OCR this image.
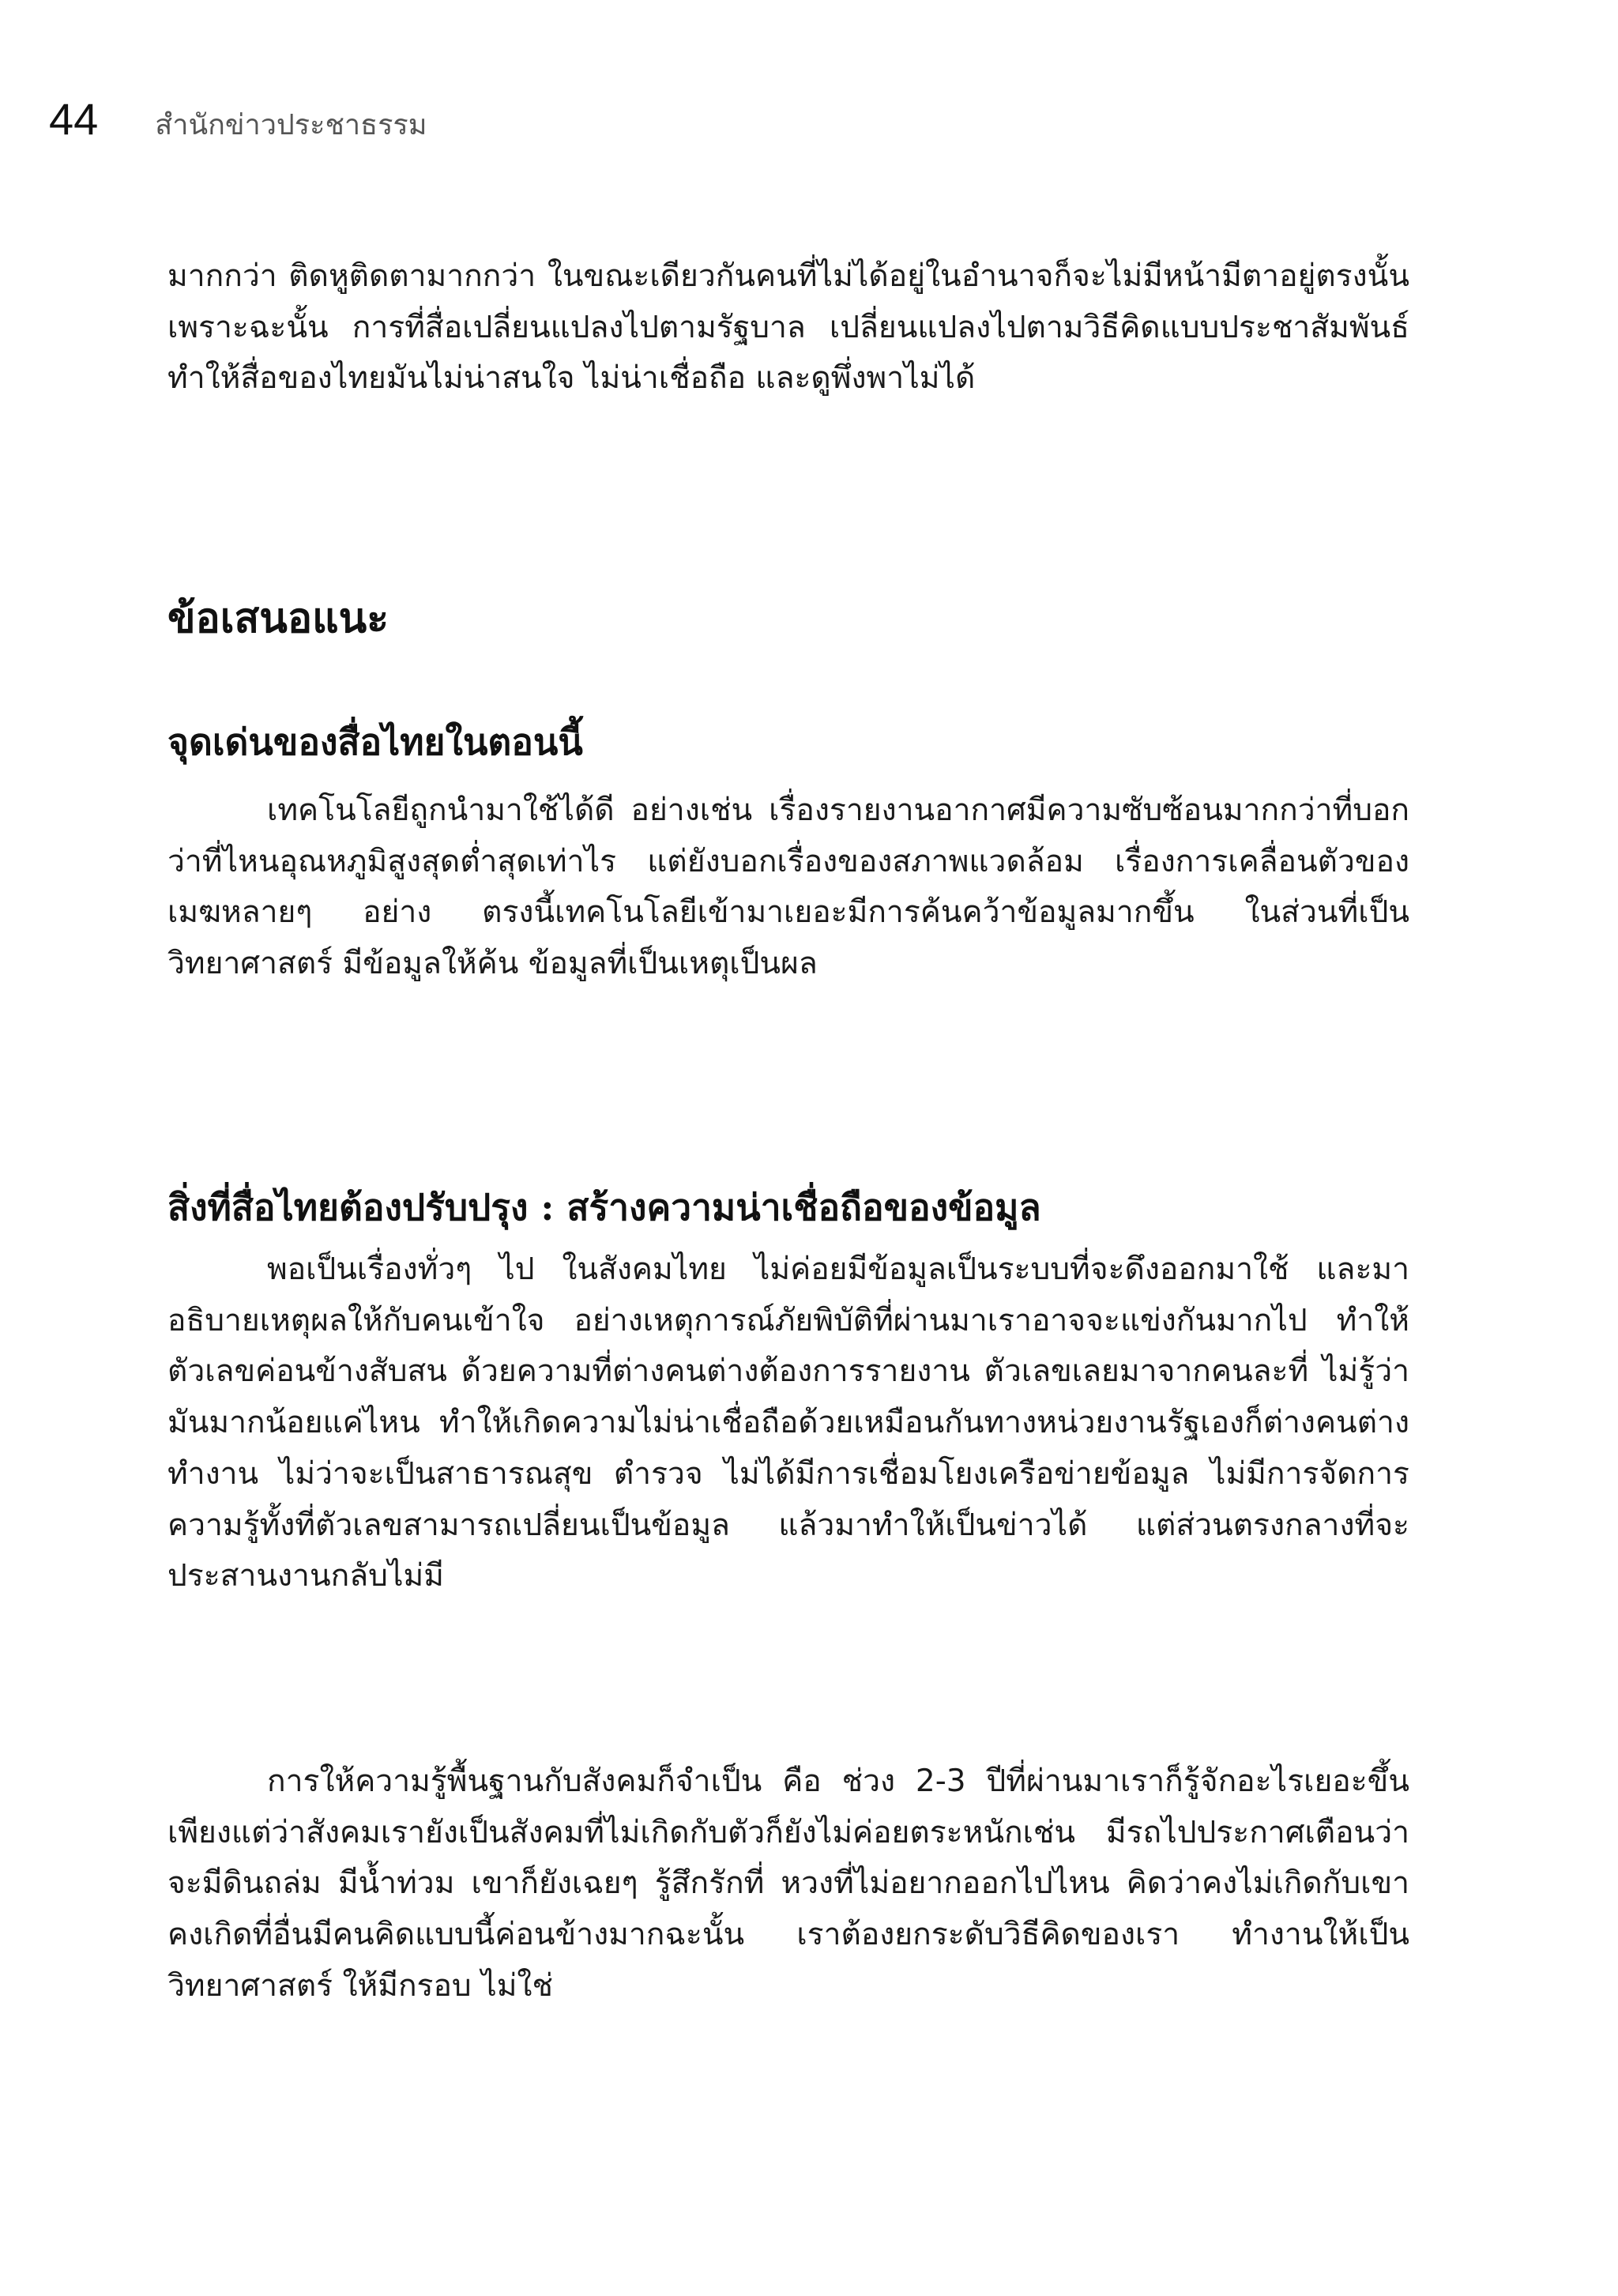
44 สำนักข่าวประชาธรรม

มากกว่า ติดหูติดตามากกว่า ในขณะเดียวกันคนที่ไม่ได้อยู่ในอำนาจก็จะไม่มีหน้ามีตาอยู่ตรงนั้น เพราะฉะนั้น การที่สื่อเปลี่ยนแปลงไปตามรัฐบาล เปลี่ยนแปลงไปตามวิธีคิดแบบประชาสัมพันธ์ ทำให้สื่อของไทยมันไม่น่าสนใจ ไม่น่าเชื่อถือ และดูพึ่งพาไม่ได้

ข้อเสนอแนะ
จุดเด่นของสื่อไทยในตอนนี้

เทคโนโลยีถูกนำมาใช้ได้ดี อย่างเช่น เรื่องรายงานอากาศมีความซับซ้อนมากกว่าที่บอกว่าที่ไหนอุณหภูมิสูงสุดต่ำสุดเท่าไร แต่ยังบอกเรื่องของสภาพแวดล้อม เรื่องการเคลื่อนตัวของเมฆหลายๆ อย่าง ตรงนี้เทคโนโลยีเข้ามาเยอะมีการค้นคว้าข้อมูลมากขึ้น ในส่วนที่เป็นวิทยาศาสตร์ มีข้อมูลให้ค้น ข้อมูลที่เป็นเหตุเป็นผล

สิ่งที่สื่อไทยต้องปรับปรุง : สร้างความน่าเชื่อถือของข้อมูล

พอเป็นเรื่องทั่วๆ ไป ในสังคมไทย ไม่ค่อยมีข้อมูลเป็นระบบที่จะดึงออกมาใช้ และมาอธิบายเหตุผลให้กับคนเข้าใจ อย่างเหตุการณ์ภัยพิบัติที่ผ่านมาเราอาจจะแข่งกันมากไป ทำให้ตัวเลขค่อนข้างสับสน ด้วยความที่ต่างคนต่างต้องการรายงาน ตัวเลขเลยมาจากคนละที่ ไม่รู้ว่ามันมากน้อยแค่ไหน ทำให้เกิดความไม่น่าเชื่อถือด้วยเหมือนกันทางหน่วยงานรัฐเองก็ต่างคนต่างทำงาน ไม่ว่าจะเป็นสาธารณสุข ตำรวจ ไม่ได้มีการเชื่อมโยงเครือข่ายข้อมูล ไม่มีการจัดการความรู้ทั้งที่ตัวเลขสามารถเปลี่ยนเป็นข้อมูล แล้วมาทำให้เป็นข่าวได้ แต่ส่วนตรงกลางที่จะประสานงานกลับไม่มี

การให้ความรู้พื้นฐานกับสังคมก็จำเป็น คือ ช่วง 2-3 ปีที่ผ่านมาเราก็รู้จักอะไรเยอะขึ้น เพียงแต่ว่าสังคมเรายังเป็นสังคมที่ไม่เกิดกับตัวก็ยังไม่ค่อยตระหนักเช่น มีรถไปประกาศเตือนว่าจะมีดินถล่ม มีน้ำท่วม เขาก็ยังเฉยๆ รู้สึกรักที่ หวงที่ไม่อยากออกไปไหน คิดว่าคงไม่เกิดกับเขา คงเกิดที่อื่นมีคนคิดแบบนี้ค่อนข้างมากฉะนั้น เราต้องยกระดับวิธีคิดของเรา ทำงานให้เป็นวิทยาศาสตร์ ให้มีกรอบ ไม่ใช่
